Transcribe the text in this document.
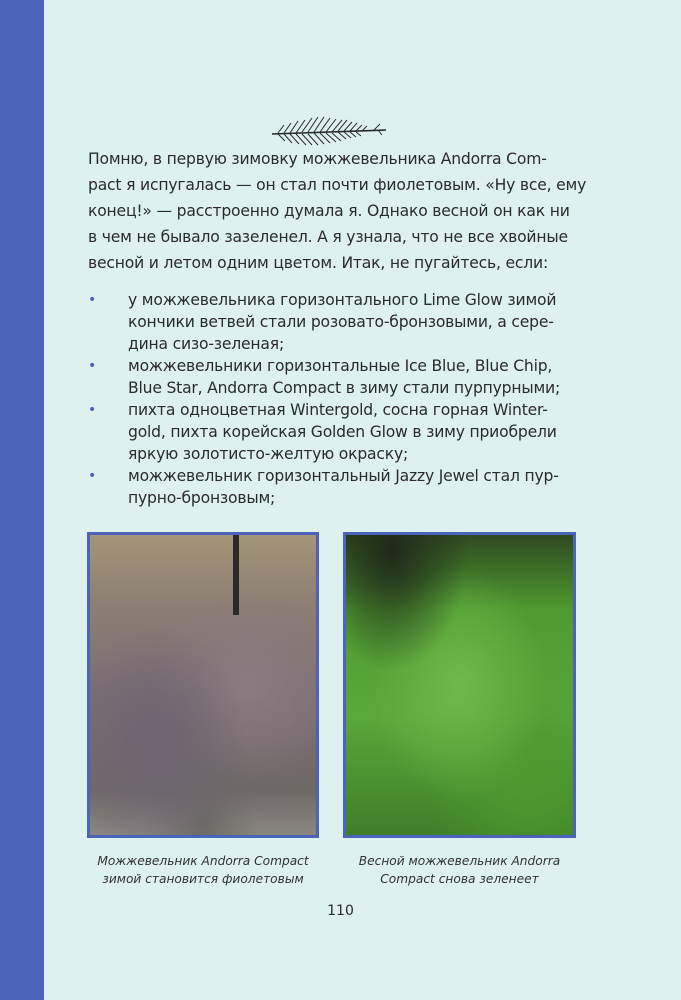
Помню, в первую зимовку можжевельника Andorra Com-
pact я испугалась — он стал почти фиолетовым. «Ну все, ему
конец!» — расстроенно думала я. Однако весной он как ни
в чем не бывало зазеленел. А я узнала, что не все хвойные
весной и летом одним цветом. Итак, не пугайтесь, если:
• у можжевельника горизонтального Lime Glow зимой
кончики ветвей стали розовато-бронзовыми, а сере-
дина сизо-зеленая;
• можжевельники горизонтальные Ice Blue, Blue Chip,
Blue Star, Andorra Compact в зиму стали пурпурными;
• пихта одноцветная Wintergold, сосна горная Winter-
gold, пихта корейская Golden Glow в зиму приобрели
яркую золотисто-желтую окраску;
• можжевельник горизонтальный Jazzy Jewel стал пур-
пурно-бронзовым;
Можжевельник Andorra Compact
зимой становится фиолетовым
Весной можжевельник Andorra
Compact снова зеленеет
110
